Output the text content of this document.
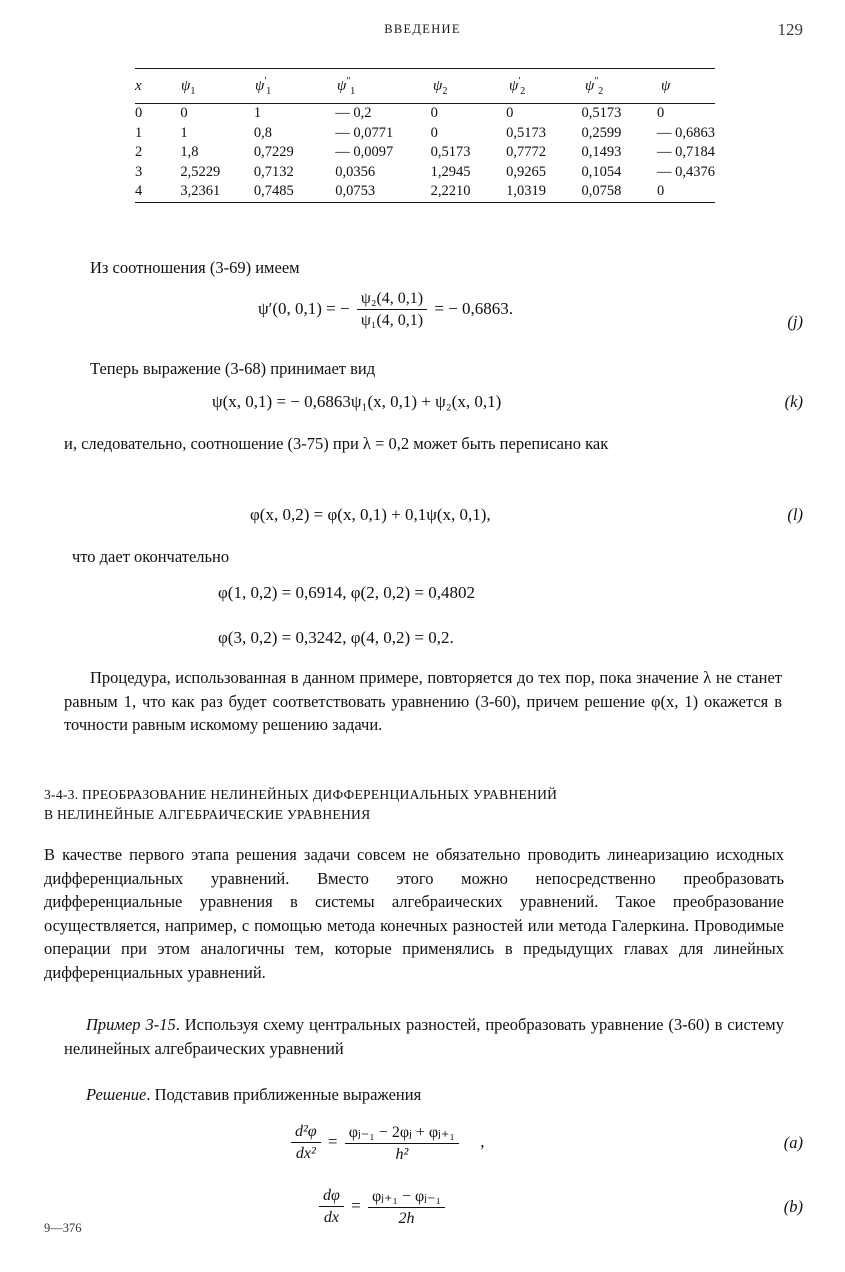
ВВЕДЕНИЕ	129
x	$\psi_1$	$\psi'_1$	$\psi''_1$	$\psi_2$	$\psi'_2$	$\psi''_2$	ψ
0	0	1	— 0,2	0	0	0,5173	0
1	1	0,8	— 0,0771	0	0,5173	0,2599	— 0,6863
2	1,8	0,7229	— 0,0097	0,5173	0,7772	0,1493	— 0,7184
3	2,5229	0,7132	0,0356	1,2945	0,9265	0,1054	— 0,4376
4	3,2361	0,7485	0,0753	2,2210	1,0319	0,0758	0
Из соотношения (3-69) имеем
ψ′(0, 0,1) = − $\frac{\text{ψ₂(4, 0,1)}}{\text{ψ₁(4, 0,1)}}$ = − 0,6863.
(j)
Теперь выражение (3-68) принимает вид
ψ(x, 0,1) = − 0,6863ψ₁(x, 0,1) + ψ₂(x, 0,1)	(k)
и, следовательно, соотношение (3-75) при λ = 0,2 может быть переписано как
φ(x, 0,2) = φ(x, 0,1) + 0,1ψ(x, 0,1),	(l)
что дает окончательно
φ(1, 0,2) = 0,6914, φ(2, 0,2) = 0,4802
φ(3, 0,2) = 0,3242, φ(4, 0,2) = 0,2.
Процедура, использованная в данном примере, повторяется до тех пор, пока значение λ не станет равным 1, что как раз будет соответствовать уравнению (3-60), причем решение φ(x, 1) окажется в точности равным искомому решению задачи.
3-4-3. ПРЕОБРАЗОВАНИЕ НЕЛИНЕЙНЫХ ДИФФЕРЕНЦИАЛЬНЫХ УРАВНЕНИЙ
В НЕЛИНЕЙНЫЕ АЛГЕБРАИЧЕСКИЕ УРАВНЕНИЯ
В качестве первого этапа решения задачи совсем не обязательно проводить линеаризацию исходных дифференциальных уравнений. Вместо этого можно непосредственно преобразовать дифференциальные уравнения в системы алгебраических уравнений. Такое преобразование осуществляется, например, с помощью метода конечных разностей или метода Галеркина. Проводимые операции при этом аналогичны тем, которые применялись в предыдущих главах для линейных дифференциальных уравнений.
Пример 3-15. Используя схему центральных разностей, преобразовать уравнение (3-60) в систему нелинейных алгебраических уравнений
Решение. Подставив приближенные выражения
$\frac{\text{d²φ}}{\text{dx²}} = \frac{\text{φⱼ₋₁ − 2φⱼ + φⱼ₊₁}}{\text{h²}}$ ,	(a)
$\frac{d\varphi}{dx} = \frac{\text{φⱼ₊₁ − φⱼ₋₁}}{2h}$	(b)
9—376
